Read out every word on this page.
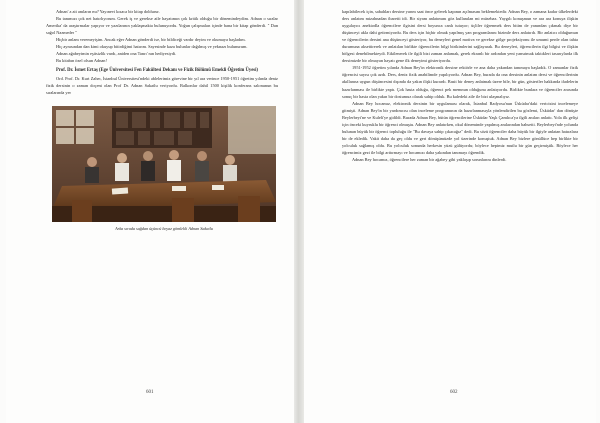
Adnan' a ait anıların mı? Yayınevi kısaca bir kitap doldurur.

Bu tanımızı çok net hatırlıyorum. Gerek iş ve gerekse aile hayatımın çok kritik olduğu bir dönemindeydim. Adnan o sıralar Amerika' da araştırmalar yapıyor ve yazılarının yaklaşmakta bulunuyordu. Yoğun çalışmaları içinde bana bir kitap gönderdi. " Dan sağol Nazmeder "

Hiçbir anlam veremeyişim. Ancak eğer Adnan gönderdi ise, bir bildiceği vardır deyim ve okumaya başladım.

Hiç aynısından dan kimi okuyup bitirdiğimi hatırım. Sayesinde kaza bulunlar dağılmış ve yeknazı bulunurum.

Adnan ağabeyimin eşitsizlik vardı, aniden ona Tanrı' nın hediyesiydi.

Bu kitabın özel olsun Adnan!

Prof. Dr. İsmet Ertaş (Ege Üniversitesi Fen Fakültesi Dekanı ve Fizik Bölümü Emekli Öğretim Üyesi)

Ord. Prof. Dr. Kurt Zaheı, İstanbul Üniversitesi'ndeki ablelerimiz görevine bir yıl ara verince 1950-1951 öğretim yılında deniz fizik dersinin o zaman doçent olan Prof Dr. Adnan Sakatlu veriyordu. Balkonlar dahil 1500 kişilik konferans salonunun bu sıralarında yer

Arka sırada sağdan üçüncü beyaz gömlekli Adnan Sakatlu
601

kapılabilecek için, sabahları dersine yarım saat önce gelerek kapının açılmasını beklemektedir. Adnan Bey, o zamana kadar ülkelerdeki ders anlatım mizahnadan ibaretti idi. Bir siyam anlatımını göz kullanılan mi müsebaz. Yaygılı konuşmun ve ara ara konuya ilişkin uygulayıcı anektodla öğrencilere ilgisini dersi boyunca canlı tutuyor; üçliler öğrenmek ders bitim de yanından çıkmak diye bir düşünceyi akla dahi getirmiyordu. Bu ders için hiçbir olmak yapılmış yan programlarını bizimle ders anlatırdı. Bir anlatıcı olduğumun ve öğrencilerin dersini ana düşünceyi gösteriyor, bu deneyleri genel motiva ve gerekse gölge projeksiyonu ile umumi perde olan tahta durumuna aksettirerek ve anlatılan birlikte öğrencilerin bilgi birikimlerini sağlayarak. Bu deneyleri, öğrencilerin ilgi bilgisi ve ilişkin bölgesi denebilmekteydi. Etkilenerek ile ilgili bizi zaman anlamak, gerek ekranlı bir ardından yeni yansıtmak taktıkleri tasarıylarda ilk dersimizde bir olmayan hayatı gene ilk deneyimi gösteriyordu.

1951-1952 öğretim yılında Adnan Bey'in elektronik dersine rektörle ve ana daha yakından tanımaya başladık. O zamanlar fizik öğrencisi sayısı çok azdı. Ders, deniz fizik anabilimde yapılıyordu. Adnan Bey, burada da ona dersinin anlatım dersi ve öğrencilerinin akıllarına uygun düşüncesini dışında da yakın ilişki kurardı. Basit bir deney anlatmak üzere bile, bir gün, gösteriler hakkında ifadelerin hazırlanması ile birlikte yaptı. Çok hasta olduğu, öğrenci pek memnun olduğunu anlatıyordu. Birlikte bunlara ve öğrenciler arasında sonuç bir hasta olan yakın bir dostumuz olarak sahip olduk. Bu kaledeki aile ile bizi ulaşmalıyız.

Adnan Bey hocamız, elektronik dersinin bir uygulaması olarak, İstanbul Radyosu'nun Üsküdar'daki vericisini incelemeye gitmişti. Adnan Bey'in bir yardımcısı olan inceleme programının da hazırlanmasıyla yönlendirilen bu gözlemi, Üsküdar' dan dönüşte Beylerbeyi'ne ve Kuleli'ye gidildi. Burada Adnan Bey, bütün öğrencilerine Üsküdar Yaşlı Çamlıca'ya ilgili anıları anlattı. Yola ilk gelişi için önceki kuyruklu bir öğrenci olmuştu. Adnan Bey anlatırken, okul döneminde yapılmış anılarından bahsetti. Beylerbeyi'nde yolunda bulunan büyük bir öğrenci topluluğu ile "Bu davaya sahip çıkacağız" dedi. Bu sözü öğrenciler daha büyük bir ilgiyle anlatan hatıralara bir de ekledik. Vakit daha da geç oldu ve geri dönüşümüzde yol üzerinde konuştuk. Adnan Bey bizlere gönüllüce hep birlikte bir yolculuk sağlamış oldu. Bu yolculuk sonunda herkesin yüzü gülüyordu; böylece hepimiz mutlu bir gün geçirmiştik. Böylece her öğrencimiz gezi ile bilgi arttırmayı ve hocamızı daha yakından tanımayı öğrendik.

Adnan Bey hocamız, öğrencilere her zaman bir ağabey gibi yaklaşıp sorunlarını dinlerdi.

602
